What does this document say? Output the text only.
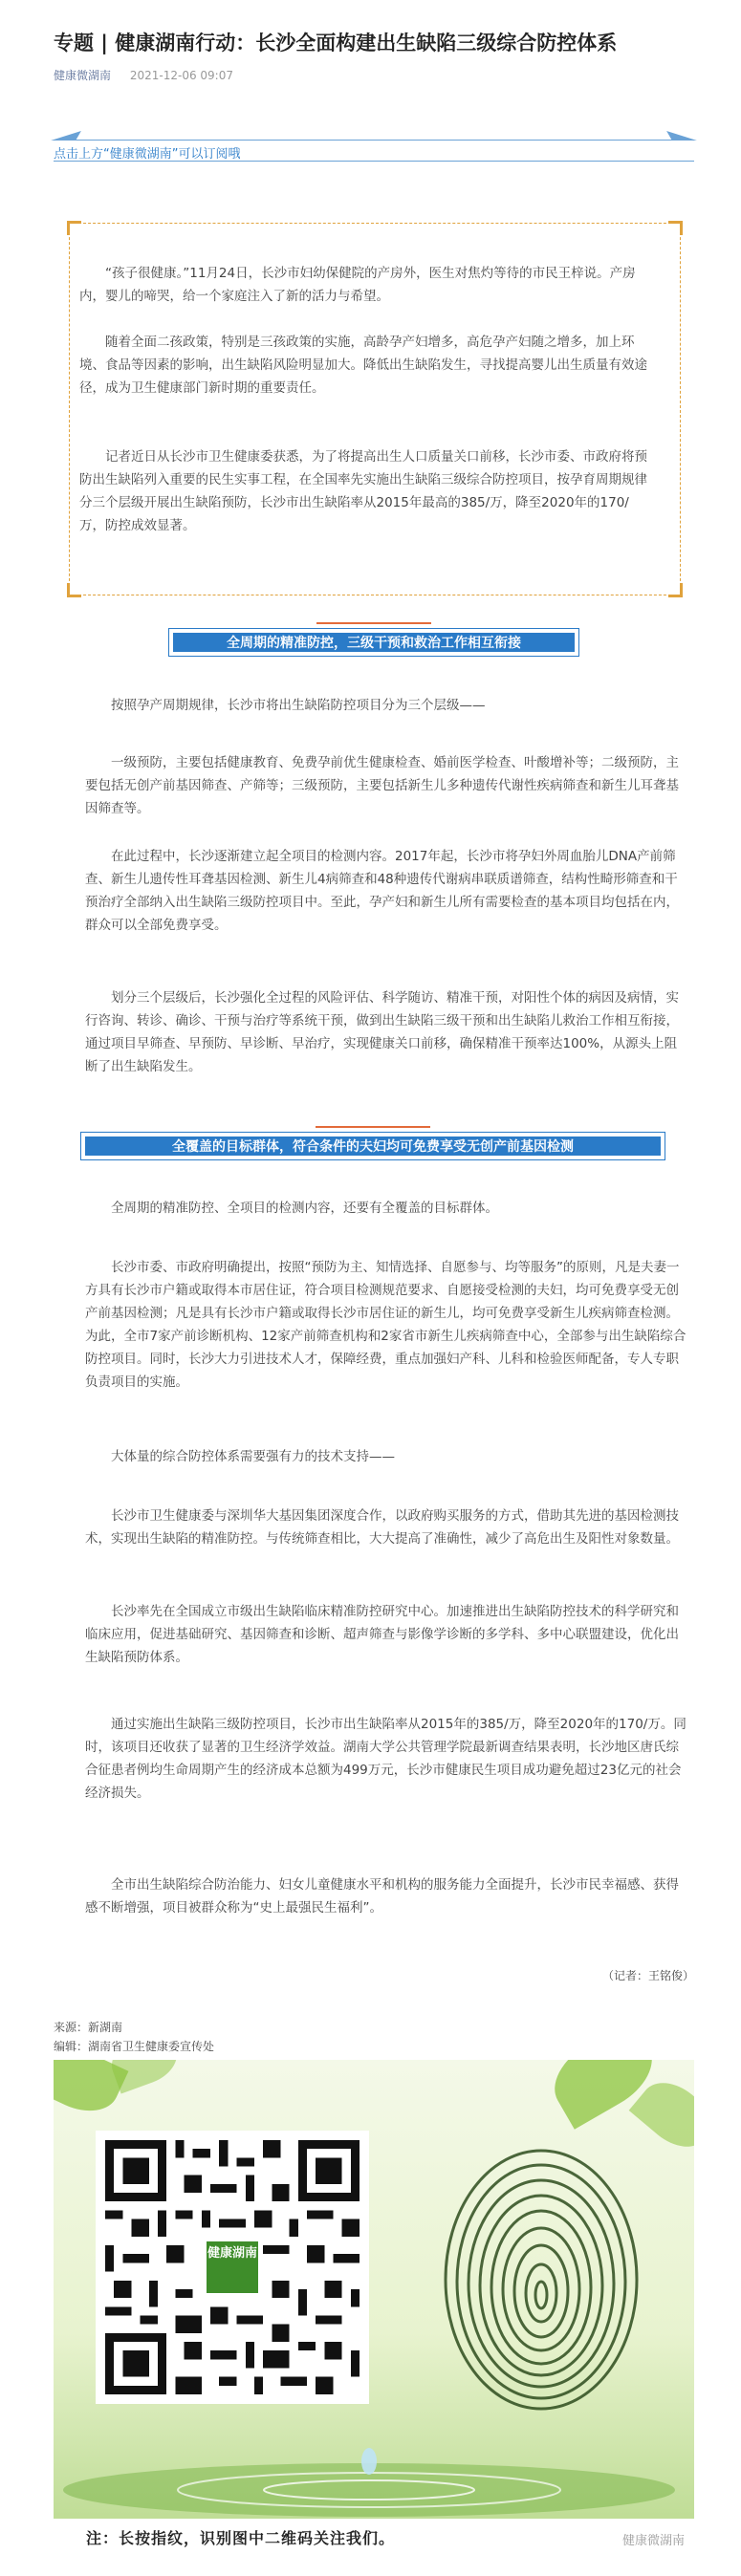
专题 | 健康湖南行动：长沙全面构建出生缺陷三级综合防控体系
健康微湖南 2021-12-06 09:07
点击上方“健康微湖南”可以订阅哦

“孩子很健康。”11月24日，长沙市妇幼保健院的产房外，医生对焦灼等待的市民王梓说。产房内，婴儿的啼哭，给一个家庭注入了新的活力与希望。

随着全面二孩政策，特别是三孩政策的实施，高龄孕产妇增多，高危孕产妇随之增多，加上环境、食品等因素的影响，出生缺陷风险明显加大。降低出生缺陷发生，寻找提高婴儿出生质量有效途径，成为卫生健康部门新时期的重要责任。

记者近日从长沙市卫生健康委获悉，为了将提高出生人口质量关口前移，长沙市委、市政府将预防出生缺陷列入重要的民生实事工程，在全国率先实施出生缺陷三级综合防控项目，按孕育周期规律分三个层级开展出生缺陷预防，长沙市出生缺陷率从2015年最高的385/万，降至2020年的170/万，防控成效显著。

全周期的精准防控，三级干预和救治工作相互衔接

按照孕产周期规律，长沙市将出生缺陷防控项目分为三个层级——

一级预防，主要包括健康教育、免费孕前优生健康检查、婚前医学检查、叶酸增补等；二级预防，主要包括无创产前基因筛查、产筛等；三级预防，主要包括新生儿多种遗传代谢性疾病筛查和新生儿耳聋基因筛查等。

在此过程中，长沙逐渐建立起全项目的检测内容。2017年起，长沙市将孕妇外周血胎儿DNA产前筛查、新生儿遗传性耳聋基因检测、新生儿4病筛查和48种遗传代谢病串联质谱筛查，结构性畸形筛查和干预治疗全部纳入出生缺陷三级防控项目中。至此，孕产妇和新生儿所有需要检查的基本项目均包括在内，群众可以全部免费享受。

划分三个层级后，长沙强化全过程的风险评估、科学随访、精准干预，对阳性个体的病因及病情，实行咨询、转诊、确诊、干预与治疗等系统干预，做到出生缺陷三级干预和出生缺陷儿救治工作相互衔接，通过项目早筛查、早预防、早诊断、早治疗，实现健康关口前移，确保精准干预率达100%，从源头上阻断了出生缺陷发生。

全覆盖的目标群体，符合条件的夫妇均可免费享受无创产前基因检测

全周期的精准防控、全项目的检测内容，还要有全覆盖的目标群体。

长沙市委、市政府明确提出，按照“预防为主、知情选择、自愿参与、均等服务”的原则，凡是夫妻一方具有长沙市户籍或取得本市居住证，符合项目检测规范要求、自愿接受检测的夫妇，均可免费享受无创产前基因检测；凡是具有长沙市户籍或取得长沙市居住证的新生儿，均可免费享受新生儿疾病筛查检测。为此，全市7家产前诊断机构、12家产前筛查机构和2家省市新生儿疾病筛查中心，全部参与出生缺陷综合防控项目。同时，长沙大力引进技术人才，保障经费，重点加强妇产科、儿科和检验医师配备，专人专职负责项目的实施。

大体量的综合防控体系需要强有力的技术支持——

长沙市卫生健康委与深圳华大基因集团深度合作，以政府购买服务的方式，借助其先进的基因检测技术，实现出生缺陷的精准防控。与传统筛查相比，大大提高了准确性，减少了高危出生及阳性对象数量。

长沙率先在全国成立市级出生缺陷临床精准防控研究中心。加速推进出生缺陷防控技术的科学研究和临床应用，促进基础研究、基因筛查和诊断、超声筛查与影像学诊断的多学科、多中心联盟建设，优化出生缺陷预防体系。

通过实施出生缺陷三级防控项目，长沙市出生缺陷率从2015年的385/万，降至2020年的170/万。同时，该项目还收获了显著的卫生经济学效益。湖南大学公共管理学院最新调查结果表明，长沙地区唐氏综合征患者例均生命周期产生的经济成本总额为499万元，长沙市健康民生项目成功避免超过23亿元的社会经济损失。

全市出生缺陷综合防治能力、妇女儿童健康水平和机构的服务能力全面提升，长沙市民幸福感、获得感不断增强，项目被群众称为“史上最强民生福利”。

（记者：王铭俊）
来源：新湖南
编辑：湖南省卫生健康委宣传处
健康湖南
注：长按指纹，识别图中二维码关注我们。	健康微湖南
